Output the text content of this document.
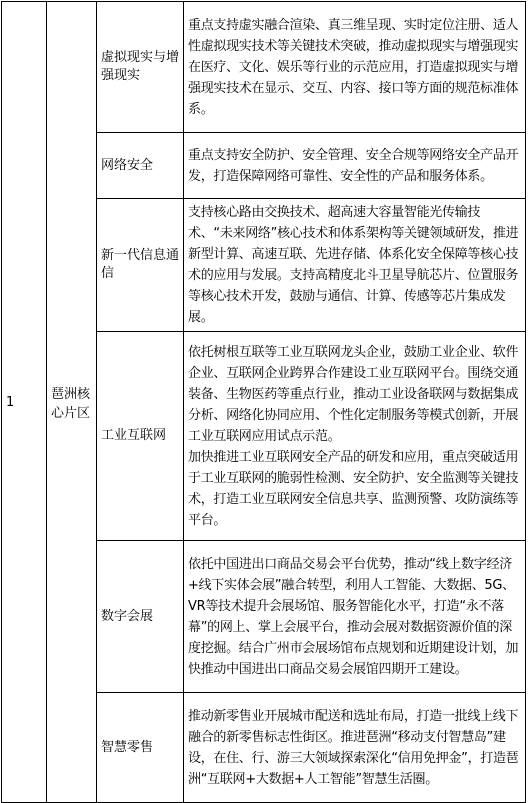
1	琶洲核心片区	虚拟现实与增强现实	重点支持虚实融合渲染、真三维呈现、实时定位注册、适人性虚拟现实技术等关键技术突破，推动虚拟现实与增强现实在医疗、文化、娱乐等行业的示范应用，打造虚拟现实与增强现实技术在显示、交互、内容、接口等方面的规范标准体系。

		网络安全	重点支持安全防护、安全管理、安全合规等网络安全产品开发，打造保障网络可靠性、安全性的产品和服务体系。

		新一代信息通信	支持核心路由交换技术、超高速大容量智能光传输技术、“未来网络”核心技术和体系架构等关键领域研发，推进新型计算、高速互联、先进存储、体系化安全保障等核心技术的应用与发展。支持高精度北斗卫星导航芯片、位置服务等核心技术开发，鼓励与通信、计算、传感等芯片集成发展。

		工业互联网	依托树根互联等工业互联网龙头企业，鼓励工业企业、软件企业、互联网企业跨界合作建设工业互联网平台。围绕交通装备、生物医药等重点行业，推动工业设备联网与数据集成分析、网络化协同应用、个性化定制服务等模式创新，开展工业互联网应用试点示范。

加快推进工业互联网安全产品的研发和应用，重点突破适用于工业互联网的脆弱性检测、安全防护、安全监测等关键技术，打造工业互联网安全信息共享、监测预警、攻防演练等平台。

		数字会展	依托中国进出口商品交易会平台优势，推动“线上数字经济+线下实体会展”融合转型，利用人工智能、大数据、5G、VR等技术提升会展场馆、服务智能化水平，打造“永不落幕”的网上、掌上会展平台，推动会展对数据资源价值的深度挖掘。结合广州市会展场馆布点规划和近期建设计划，加快推动中国进出口商品交易会展馆四期开工建设。

		智慧零售	推动新零售业开展城市配送和选址布局，打造一批线上线下融合的新零售标志性街区。推进琶洲“移动支付智慧岛”建设，在住、行、游三大领域探索深化“信用免押金”，打造琶洲“互联网+大数据+人工智能”智慧生活圈。
